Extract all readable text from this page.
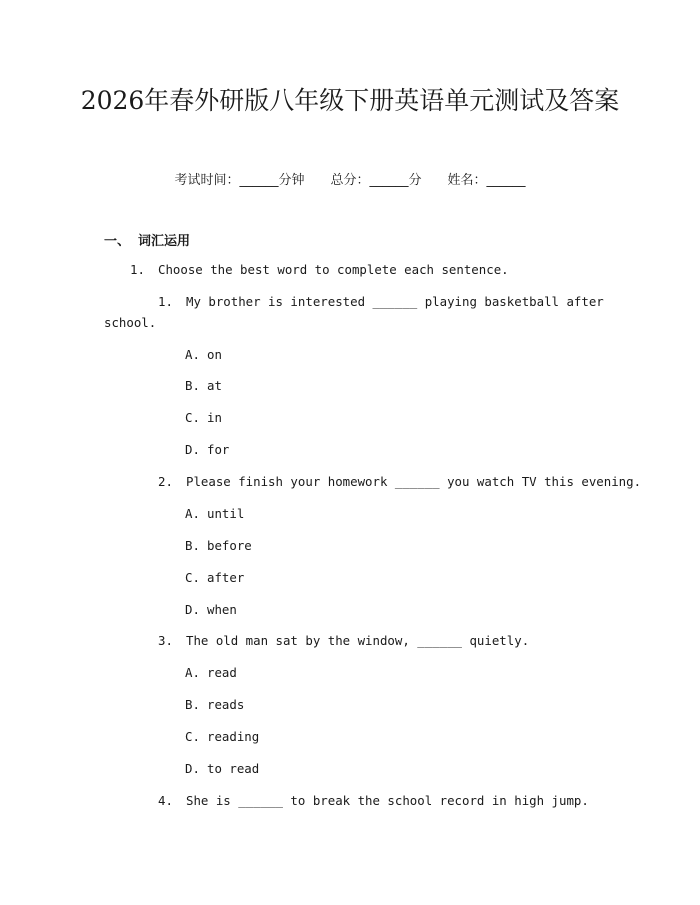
2026年春外研版八年级下册英语单元测试及答案
考试时间：______分钟 总分：______分 姓名：______
一、 词汇运用
1. Choose the best word to complete each sentence.
1. My brother is interested ______ playing basketball after
school.
A. on
B. at
C. in
D. for
2. Please finish your homework ______ you watch TV this evening.
A. until
B. before
C. after
D. when
3. The old man sat by the window, ______ quietly.
A. read
B. reads
C. reading
D. to read
4. She is ______ to break the school record in high jump.
